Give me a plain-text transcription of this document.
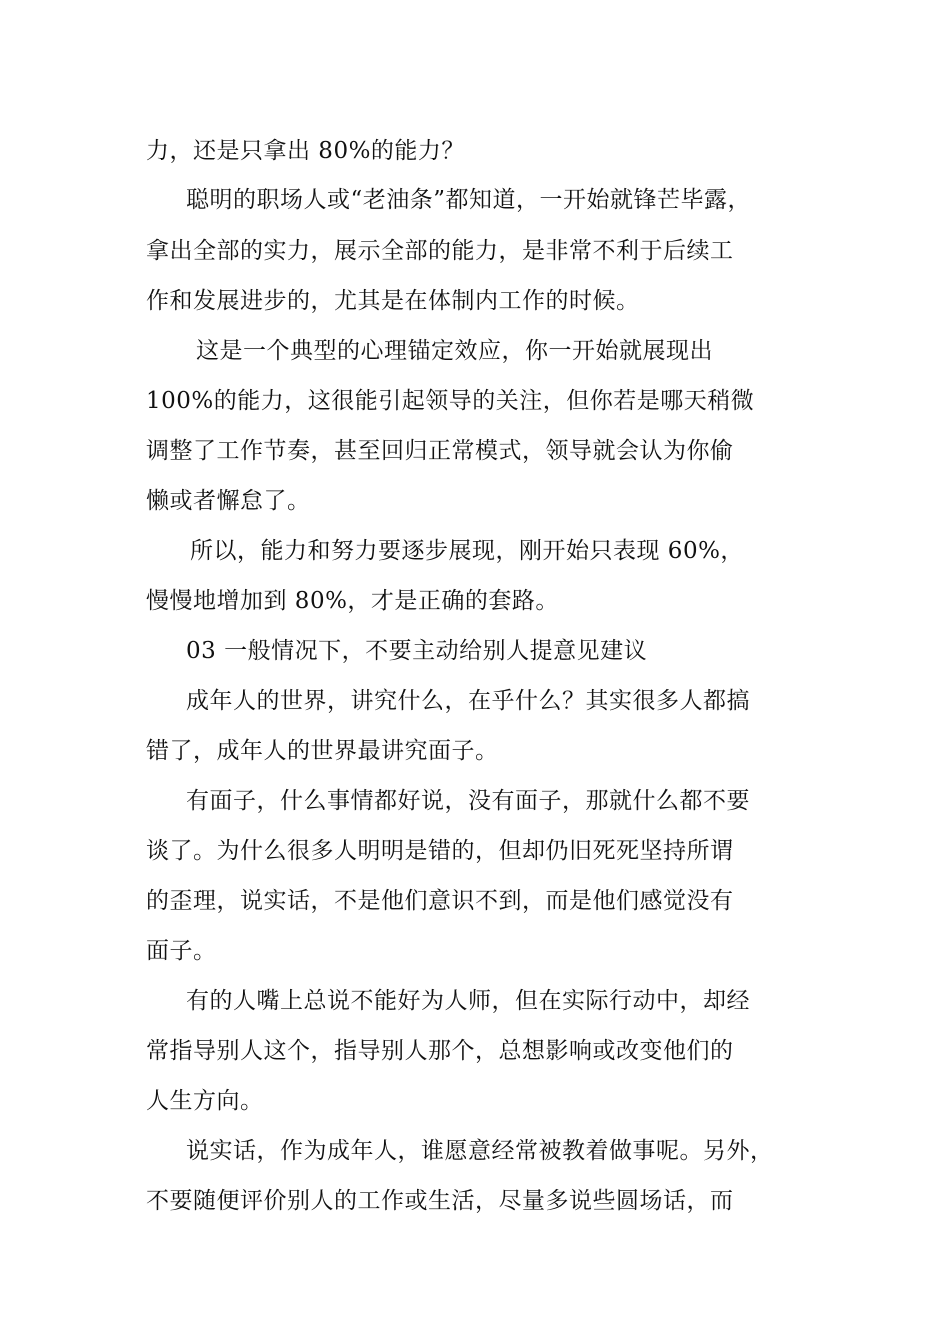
力，还是只拿出 80%的能力？
聪明的职场人或“老油条”都知道，一开始就锋芒毕露，
拿出全部的实力，展示全部的能力，是非常不利于后续工
作和发展进步的，尤其是在体制内工作的时候。
这是一个典型的心理锚定效应，你一开始就展现出
100%的能力，这很能引起领导的关注，但你若是哪天稍微
调整了工作节奏，甚至回归正常模式，领导就会认为你偷
懒或者懈怠了。
所以，能力和努力要逐步展现，刚开始只表现 60%，
慢慢地增加到 80%，才是正确的套路。
03 一般情况下，不要主动给别人提意见建议
成年人的世界，讲究什么，在乎什么？其实很多人都搞
错了，成年人的世界最讲究面子。
有面子，什么事情都好说，没有面子，那就什么都不要
谈了。为什么很多人明明是错的，但却仍旧死死坚持所谓
的歪理，说实话，不是他们意识不到，而是他们感觉没有
面子。
有的人嘴上总说不能好为人师，但在实际行动中，却经
常指导别人这个，指导别人那个，总想影响或改变他们的
人生方向。
说实话，作为成年人，谁愿意经常被教着做事呢。另外，
不要随便评价别人的工作或生活，尽量多说些圆场话，而
